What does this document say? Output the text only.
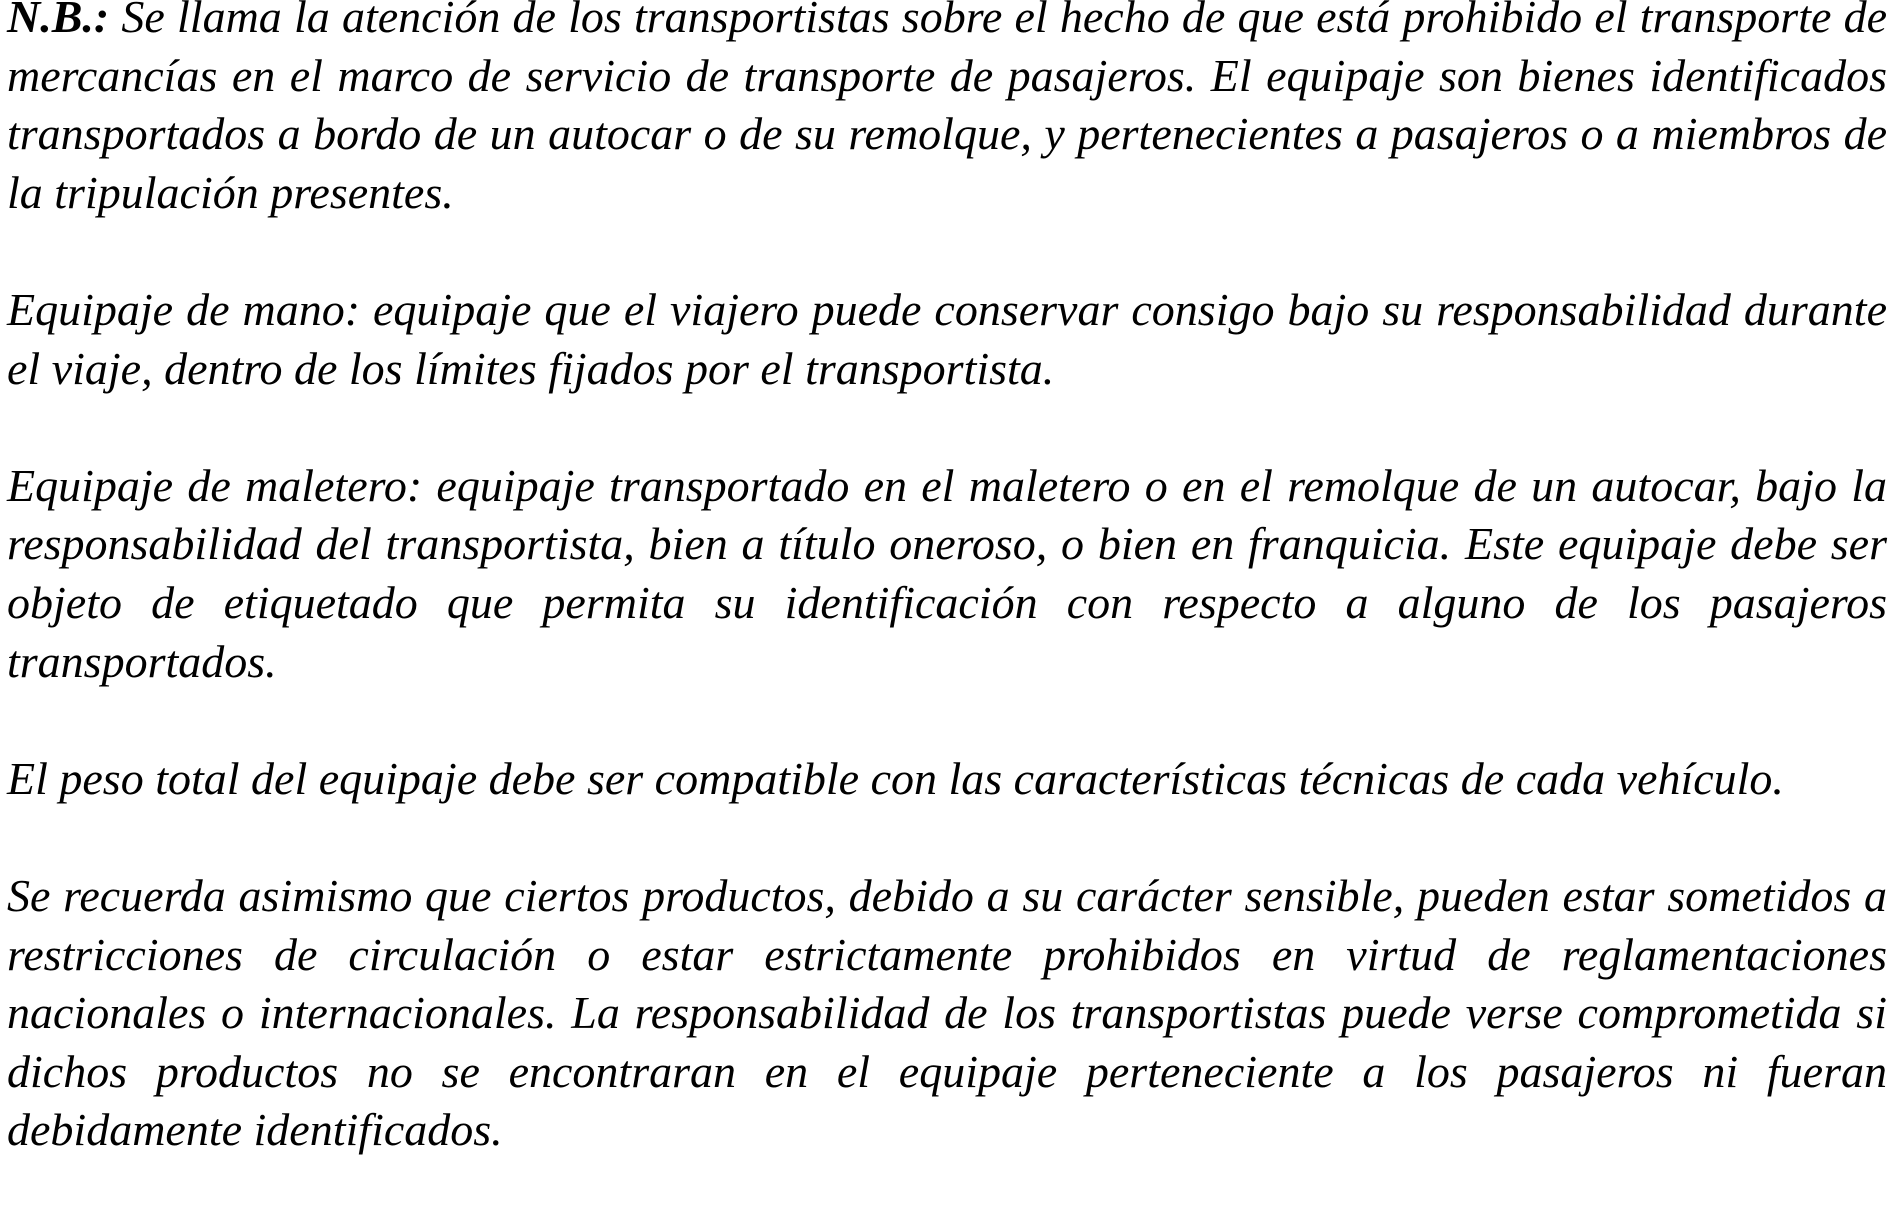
N.B.: Se llama la atención de los transportistas sobre el hecho de que está prohibido el transporte de mercancías en el marco de servicio de transporte de pasajeros. El equipaje son bienes identificados transportados a bordo de un autocar o de su remolque, y pertenecientes a pasajeros o a miembros de la tripulación presentes.

Equipaje de mano: equipaje que el viajero puede conservar consigo bajo su responsabilidad durante el viaje, dentro de los límites fijados por el transportista.

Equipaje de maletero: equipaje transportado en el maletero o en el remolque de un autocar, bajo la responsabilidad del transportista, bien a título oneroso, o bien en franquicia. Este equipaje debe ser objeto de etiquetado que permita su identificación con respecto a alguno de los pasajeros transportados.

El peso total del equipaje debe ser compatible con las características técnicas de cada vehículo.

Se recuerda asimismo que ciertos productos, debido a su carácter sensible, pueden estar sometidos a restricciones de circulación o estar estrictamente prohibidos en virtud de reglamentaciones nacionales o internacionales. La responsabilidad de los transportistas puede verse comprometida si dichos productos no se encontraran en el equipaje perteneciente a los pasajeros ni fueran debidamente identificados.
